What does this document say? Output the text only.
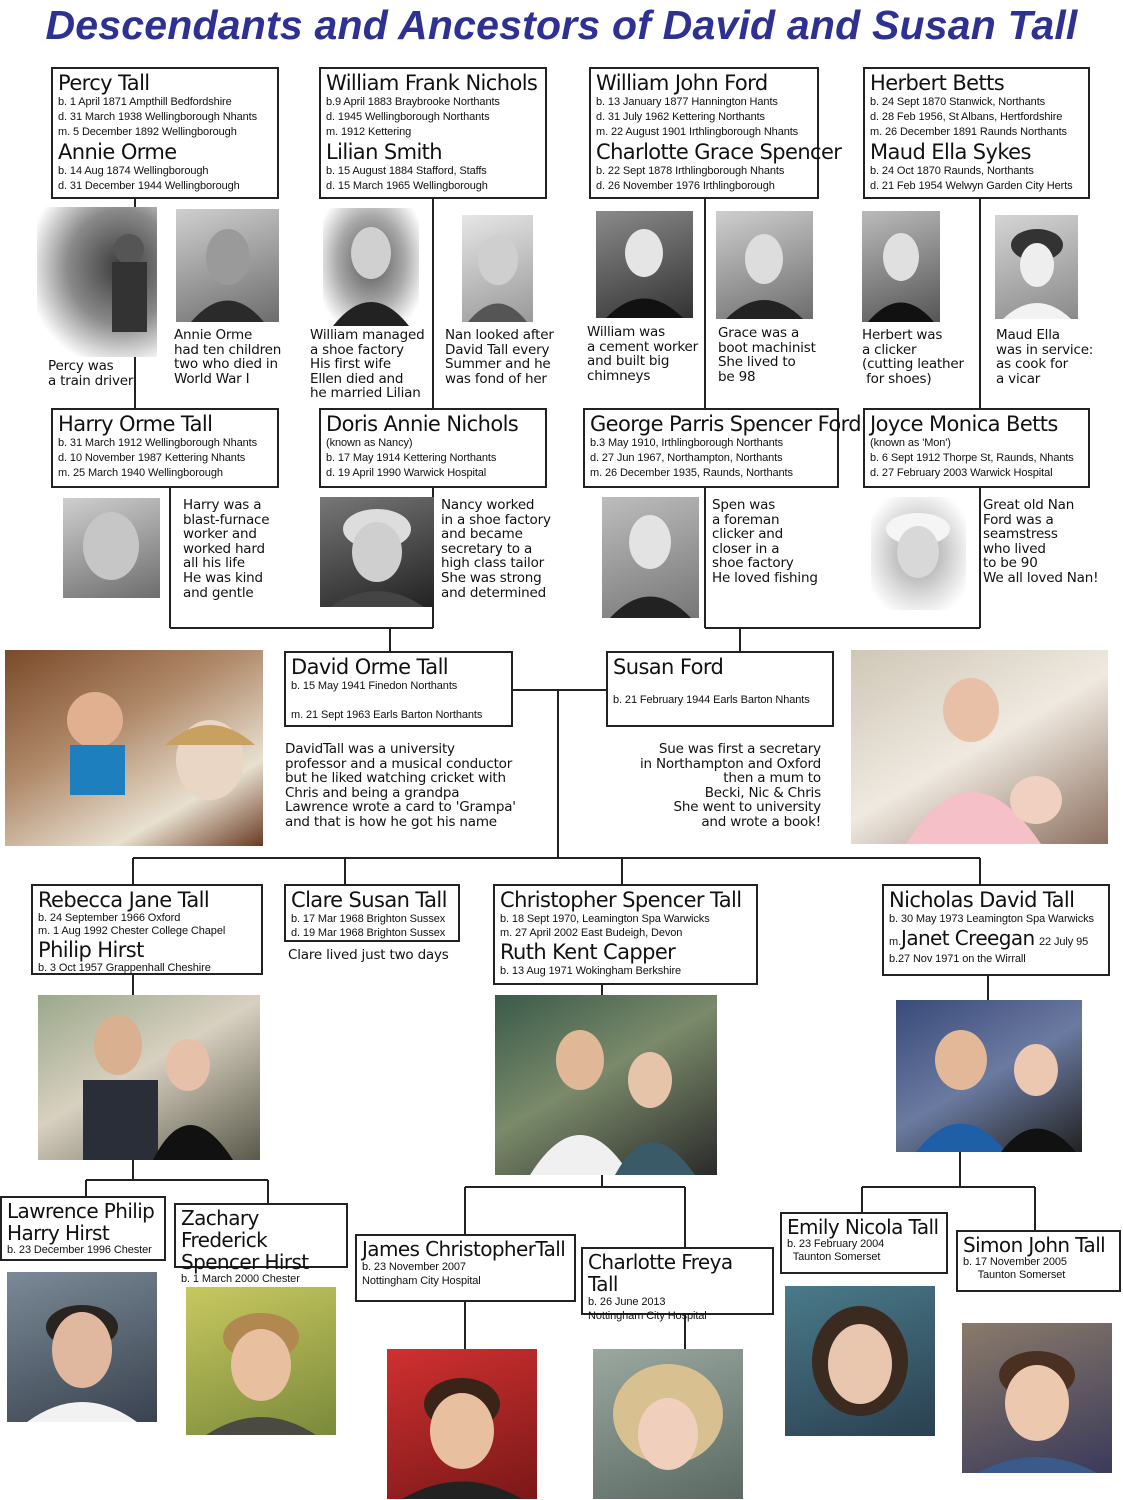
Descendants and Ancestors of David and Susan Tall
Percy Tall
b. 1 April 1871 Ampthill Bedfordshire
d. 31 March 1938 Wellingborough Nhants
m. 5 December 1892 Wellingborough
Annie Orme
b. 14 Aug 1874 Wellingborough
d. 31 December 1944 Wellingborough
William Frank Nichols
b.9 April 1883 Braybrooke Northants
d. 1945 Wellingborough Northants
m. 1912 Kettering
Lilian Smith
b. 15 August 1884 Stafford, Staffs
d. 15 March 1965 Wellingborough
William John Ford
b. 13 January 1877 Hannington Hants
d. 31 July 1962 Kettering Northants
m. 22 August 1901 Irthlingborough Nhants
Charlotte Grace Spencer
b. 22 Sept 1878 Irthlingborough Nhants
d. 26 November 1976 Irthlingborough
Herbert Betts
b. 24 Sept 1870 Stanwick, Northants
d. 28 Feb 1956, St Albans, Hertfordshire
m. 26 December 1891 Raunds Northants
Maud Ella Sykes
b. 24 Oct 1870 Raunds, Northants
d. 21 Feb 1954 Welwyn Garden City Herts
Percy was
a train driver
Annie Orme
had ten children
two who died in
World War I
William managed
a shoe factory
His first wife
Ellen died and
he married Lilian
Nan looked after
David Tall every
Summer and he
was fond of her
William was
a cement worker
and built big
chimneys
Grace was a
boot machinist
She lived to
be 98
Herbert was
a clicker
(cutting leather
for shoes)
Maud Ella
was in service:
as cook for
a vicar
Harry Orme Tall
b. 31 March 1912 Wellingborough Nhants
d. 10 November 1987 Kettering Nhants
m. 25 March 1940 Wellingborough
Doris Annie Nichols
(known as Nancy)
b. 17 May 1914 Kettering Northants
d. 19 April 1990 Warwick Hospital
George Parris Spencer Ford
b.3 May 1910, Irthlingborough Northants
d. 27 Jun 1967, Northampton, Northants
m. 26 December 1935, Raunds, Northants
Joyce Monica Betts
(known as 'Mon')
b. 6 Sept 1912 Thorpe St, Raunds, Nhants
d. 27 February 2003 Warwick Hospital
Harry was a
blast-furnace
worker and
worked hard
all his life
He was kind
and gentle
Nancy worked
in a shoe factory
and became
secretary to a
high class tailor
She was strong
and determined
Spen was
a foreman
clicker and
closer in a
shoe factory
He loved fishing
Great old Nan
Ford was a
seamstress
who lived
to be 90
We all loved Nan!
David Orme Tall
b. 15 May 1941 Finedon Northants
m. 21 Sept 1963 Earls Barton Northants
Susan Ford
b. 21 February 1944 Earls Barton Nhants
DavidTall was a university
professor and a musical conductor
but he liked watching cricket with
Chris and being a grandpa
Lawrence wrote a card to 'Grampa'
and that is how he got his name
Sue was first a secretary
in Northampton and Oxford
then a mum to
Becki, Nic & Chris
She went to university
and wrote a book!
Rebecca Jane Tall
b. 24 September 1966 Oxford
m. 1 Aug 1992 Chester College Chapel
Philip Hirst
b. 3 Oct 1957 Grappenhall Cheshire
Clare Susan Tall
b. 17 Mar 1968 Brighton Sussex
d. 19 Mar 1968 Brighton Sussex
Clare lived just two days
Christopher Spencer Tall
b. 18 Sept 1970, Leamington Spa Warwicks
m. 27 April 2002 East Budeigh, Devon
Ruth Kent Capper
b. 13 Aug 1971 Wokingham Berkshire
Nicholas David Tall
b. 30 May 1973 Leamington Spa Warwicks
m.Janet Creegan 22 July 95
b.27 Nov 1971 on the Wirrall
Lawrence Philip
Harry Hirst
b. 23 December 1996 Chester
Zachary Frederick
Spencer Hirst
b. 1 March 2000 Chester
James ChristopherTall
b. 23 November 2007
Nottingham City Hospital
Charlotte Freya Tall
b. 26 June 2013
Nottingham City Hospital
Emily Nicola Tall
b. 23 February 2004
Taunton Somerset	Simon John Tall
b. 17 November 2005
Taunton Somerset
